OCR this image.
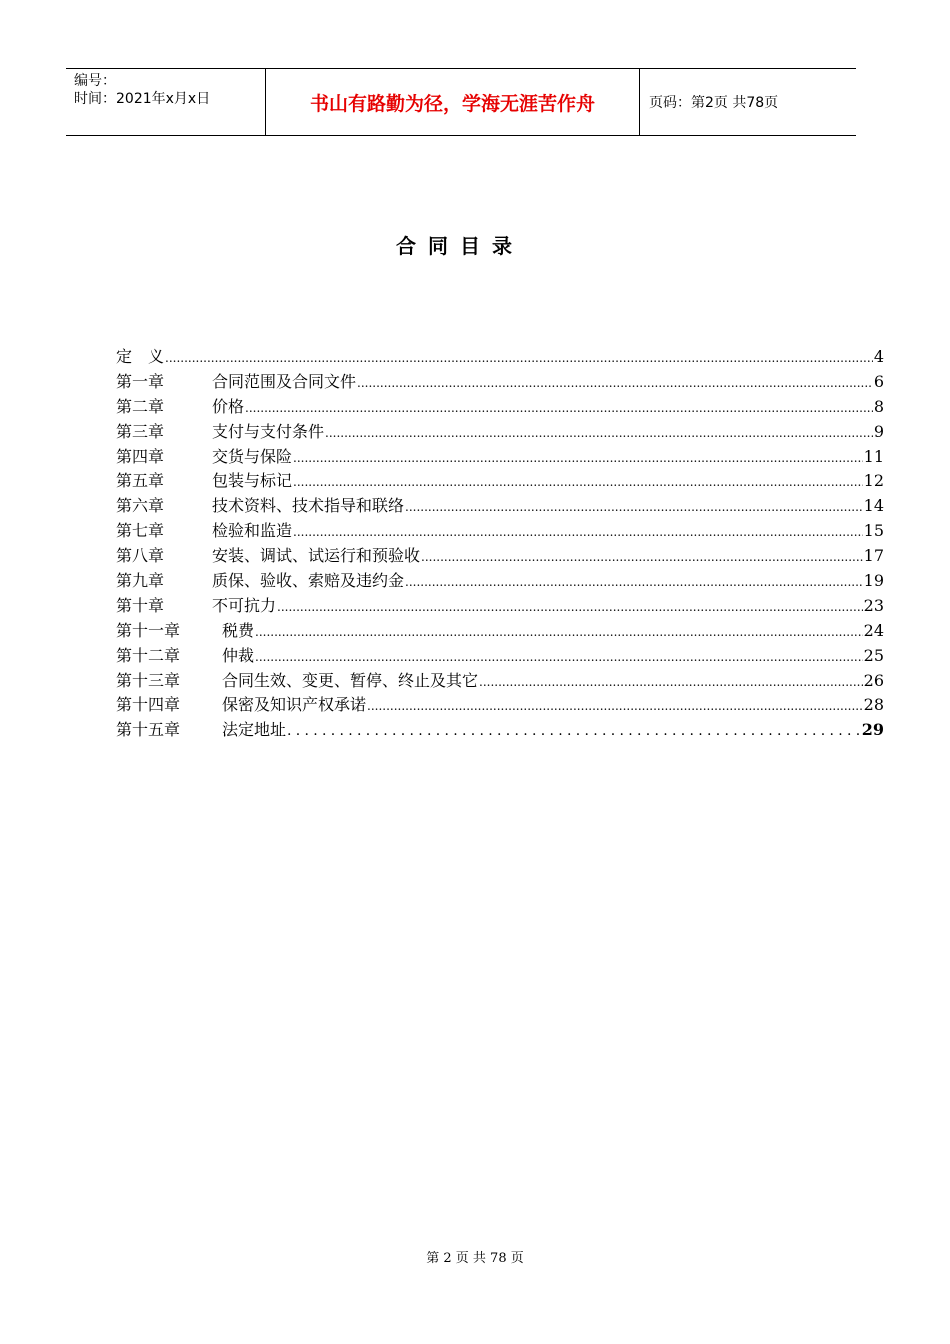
编号：
时间：2021年x月x日	书山有路勤为径，学海无涯苦作舟	页码：第2页 共78页
合同目录
定　义 .....	4
第一章	合同范围及合同文件 .....	6
第二章	价格 .....	8
第三章	支付与支付条件 .....	9
第四章	交货与保险 .....	11
第五章	包装与标记 .....	12
第六章	技术资料、技术指导和联络 .....	14
第七章	检验和监造 .....	15
第八章	安装、调试、试运行和预验收 .....	17
第九章	质保、验收、索赔及违约金 .....	19
第十章	不可抗力 .....	23
第十一章	税费 .....	24
第十二章	仲裁 .....	25
第十三章	合同生效、变更、暂停、终止及其它 .....	26
第十四章	保密及知识产权承诺 .....	28
第十五章	法定地址 .....	29
第 2 页 共 78 页
